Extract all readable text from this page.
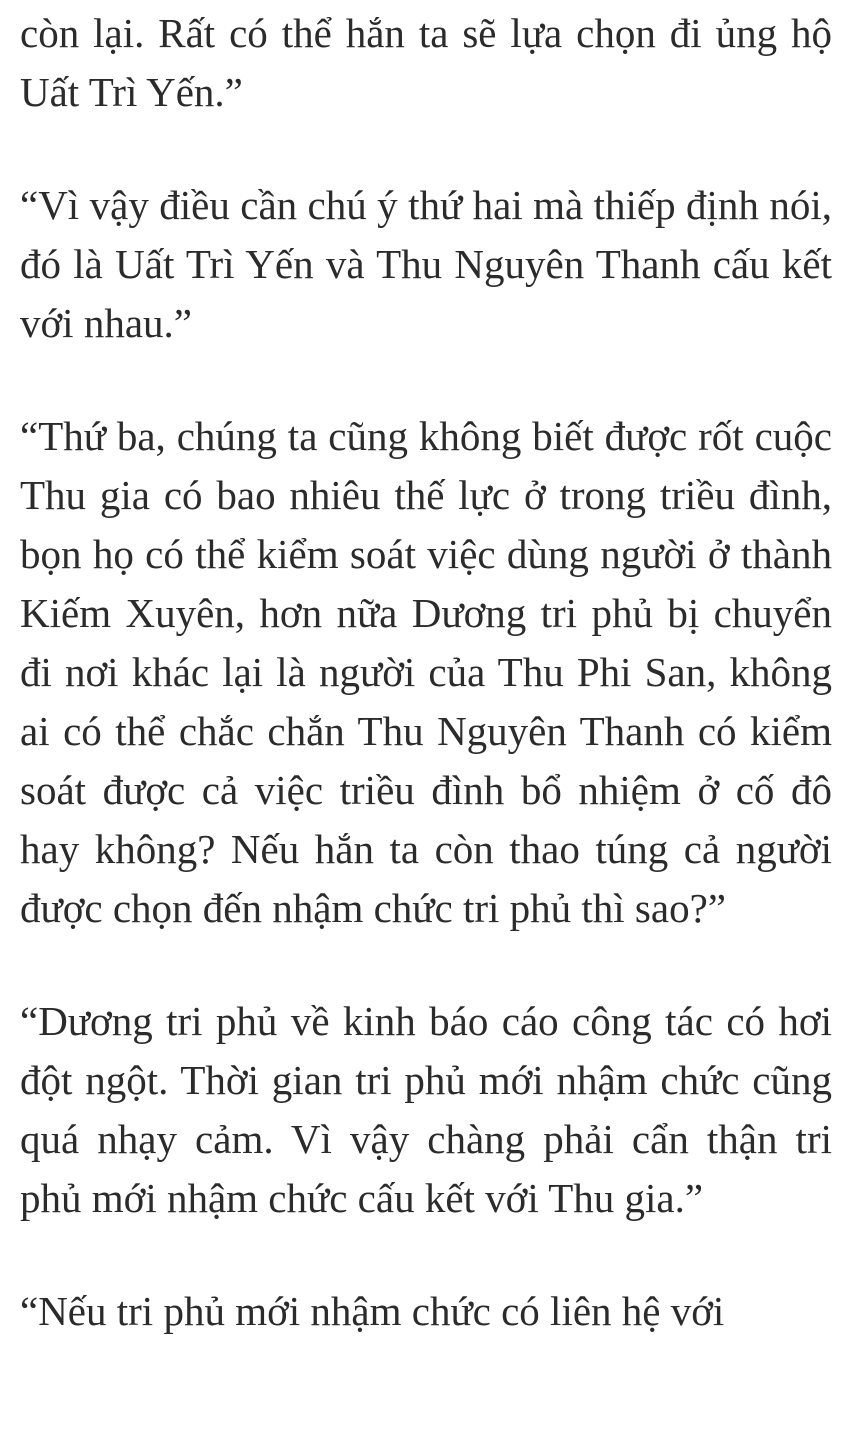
còn lại. Rất có thể hắn ta sẽ lựa chọn đi ủng hộ Uất Trì Yến.”

“Vì vậy điều cần chú ý thứ hai mà thiếp định nói, đó là Uất Trì Yến và Thu Nguyên Thanh cấu kết với nhau.”

“Thứ ba, chúng ta cũng không biết được rốt cuộc Thu gia có bao nhiêu thế lực ở trong triều đình, bọn họ có thể kiểm soát việc dùng người ở thành Kiếm Xuyên, hơn nữa Dương tri phủ bị chuyển đi nơi khác lại là người của Thu Phi San, không ai có thể chắc chắn Thu Nguyên Thanh có kiểm soát được cả việc triều đình bổ nhiệm ở cố đô hay không? Nếu hắn ta còn thao túng cả người được chọn đến nhậm chức tri phủ thì sao?”

“Dương tri phủ về kinh báo cáo công tác có hơi đột ngột. Thời gian tri phủ mới nhậm chức cũng quá nhạy cảm. Vì vậy chàng phải cẩn thận tri phủ mới nhậm chức cấu kết với Thu gia.”

“Nếu tri phủ mới nhậm chức có liên hệ với
